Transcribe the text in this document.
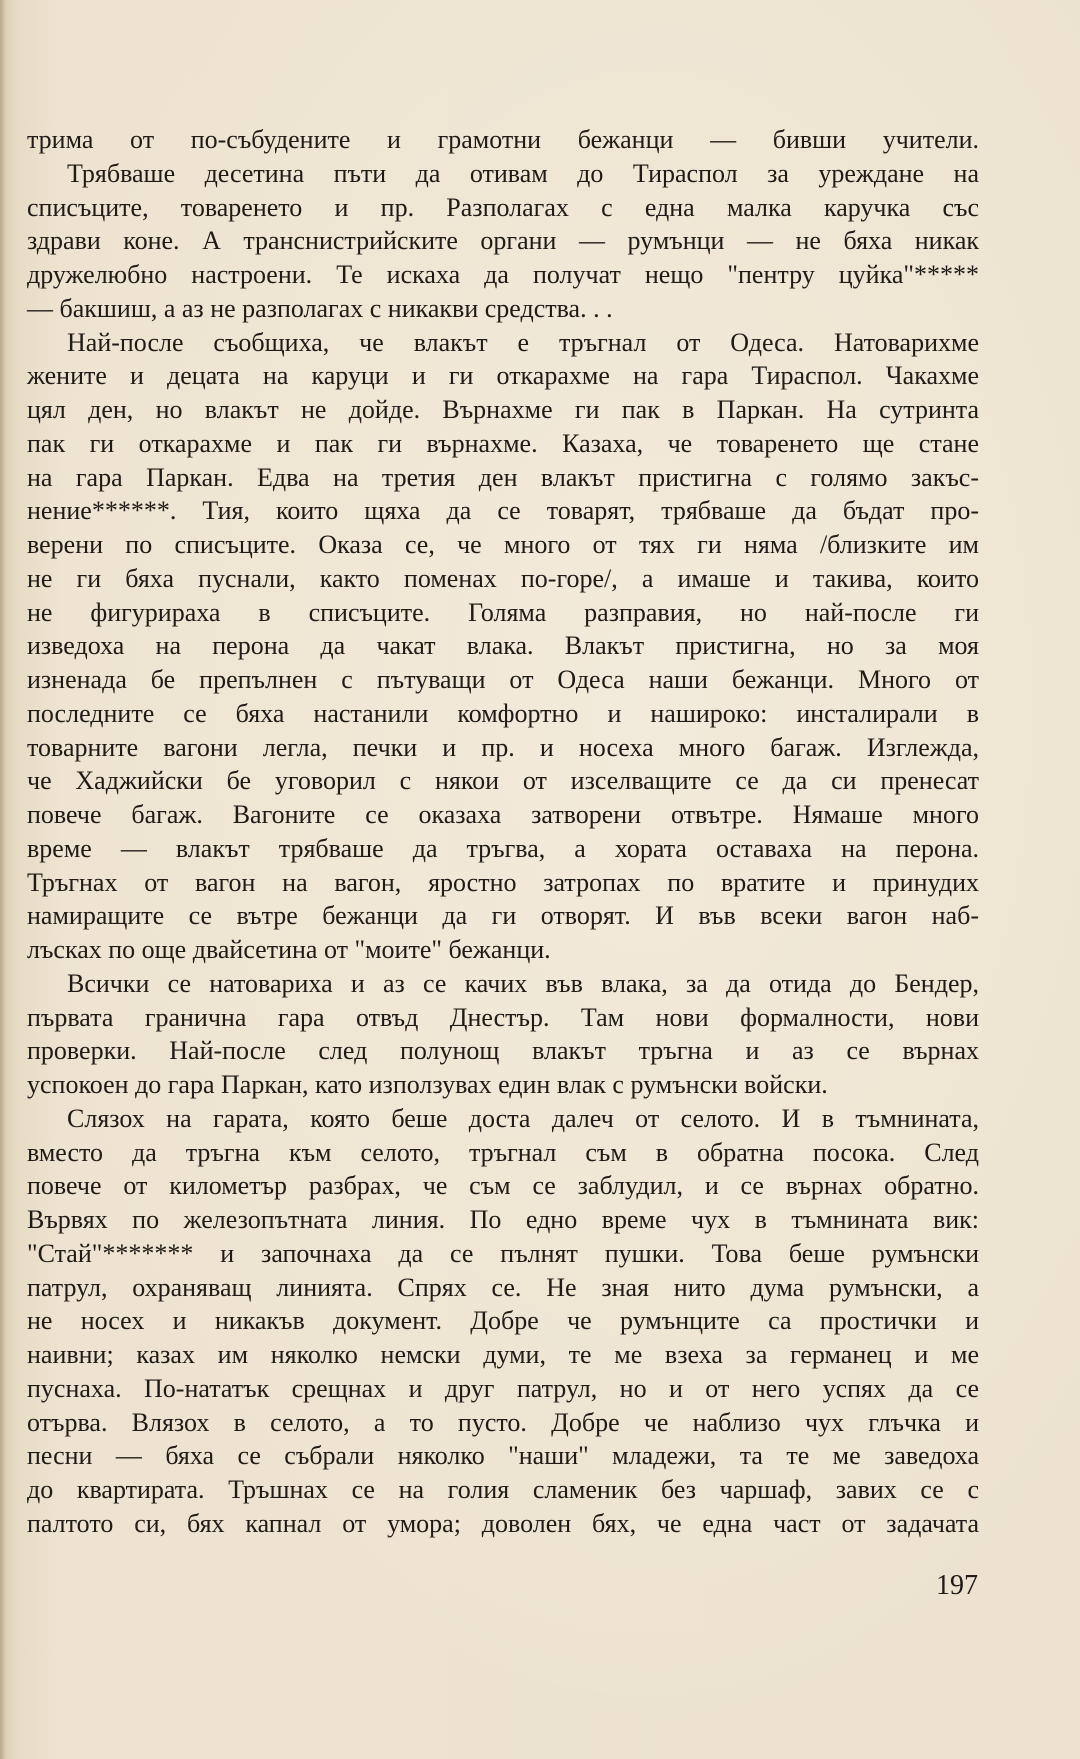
трима от по-събудените и грамотни бежанци — бивши учители.
Трябваше десетина пъти да отивам до Тираспол за уреждане на
списъците, товаренето и пр. Разполагах с една малка каручка със
здрави коне. А транснистрийските органи — румънци — не бяха никак
дружелюбно настроени. Те искаха да получат нещо "пентру цуйка"*****
— бакшиш, а аз не разполагах с никакви средства. . .
Най-после съобщиха, че влакът е тръгнал от Одеса. Натоварихме
жените и децата на каруци и ги откарахме на гара Тираспол. Чакахме
цял ден, но влакът не дойде. Върнахме ги пак в Паркан. На сутринта
пак ги откарахме и пак ги върнахме. Казаха, че товаренето ще стане
на гара Паркан. Едва на третия ден влакът пристигна с голямо закъс-
нение******. Тия, които щяха да се товарят, трябваше да бъдат про-
верени по списъците. Оказа се, че много от тях ги няма /близките им
не ги бяха пуснали, както поменах по-горе/, а имаше и такива, които
не фигурираха в списъците. Голяма разправия, но най-после ги
изведоха на перона да чакат влака. Влакът пристигна, но за моя
изненада бе препълнен с пътуващи от Одеса наши бежанци. Много от
последните се бяха настанили комфортно и нашироко: инсталирали в
товарните вагони легла, печки и пр. и носеха много багаж. Изглежда,
че Хаджийски бе уговорил с някои от изселващите се да си пренесат
повече багаж. Вагоните се оказаха затворени отвътре. Нямаше много
време — влакът трябваше да тръгва, а хората оставаха на перона.
Тръгнах от вагон на вагон, яростно затропах по вратите и принудих
намиращите се вътре бежанци да ги отворят. И във всеки вагон наб-
лъсках по още двайсетина от "моите" бежанци.
Всички се натовариха и аз се качих във влака, за да отида до Бендер,
първата гранична гара отвъд Днестър. Там нови формалности, нови
проверки. Най-после след полунощ влакът тръгна и аз се върнах
успокоен до гара Паркан, като използувах един влак с румънски войски.
Слязох на гарата, която беше доста далеч от селото. И в тъмнината,
вместо да тръгна към селото, тръгнал съм в обратна посока. След
повече от километър разбрах, че съм се заблудил, и се върнах обратно.
Вървях по железопътната линия. По едно време чух в тъмнината вик:
"Стай"******* и започнаха да се пълнят пушки. Това беше румънски
патрул, охраняващ линията. Спрях се. Не зная нито дума румънски, а
не носех и никакъв документ. Добре че румънците са простички и
наивни; казах им няколко немски думи, те ме взеха за германец и ме
пуснаха. По-нататък срещнах и друг патрул, но и от него успях да се
отърва. Влязох в селото, а то пусто. Добре че наблизо чух глъчка и
песни — бяха се събрали няколко "наши" младежи, та те ме заведоха
до квартирата. Тръшнах се на голия сламеник без чаршаф, завих се с
палтото си, бях капнал от умора; доволен бях, че една част от задачата
197
